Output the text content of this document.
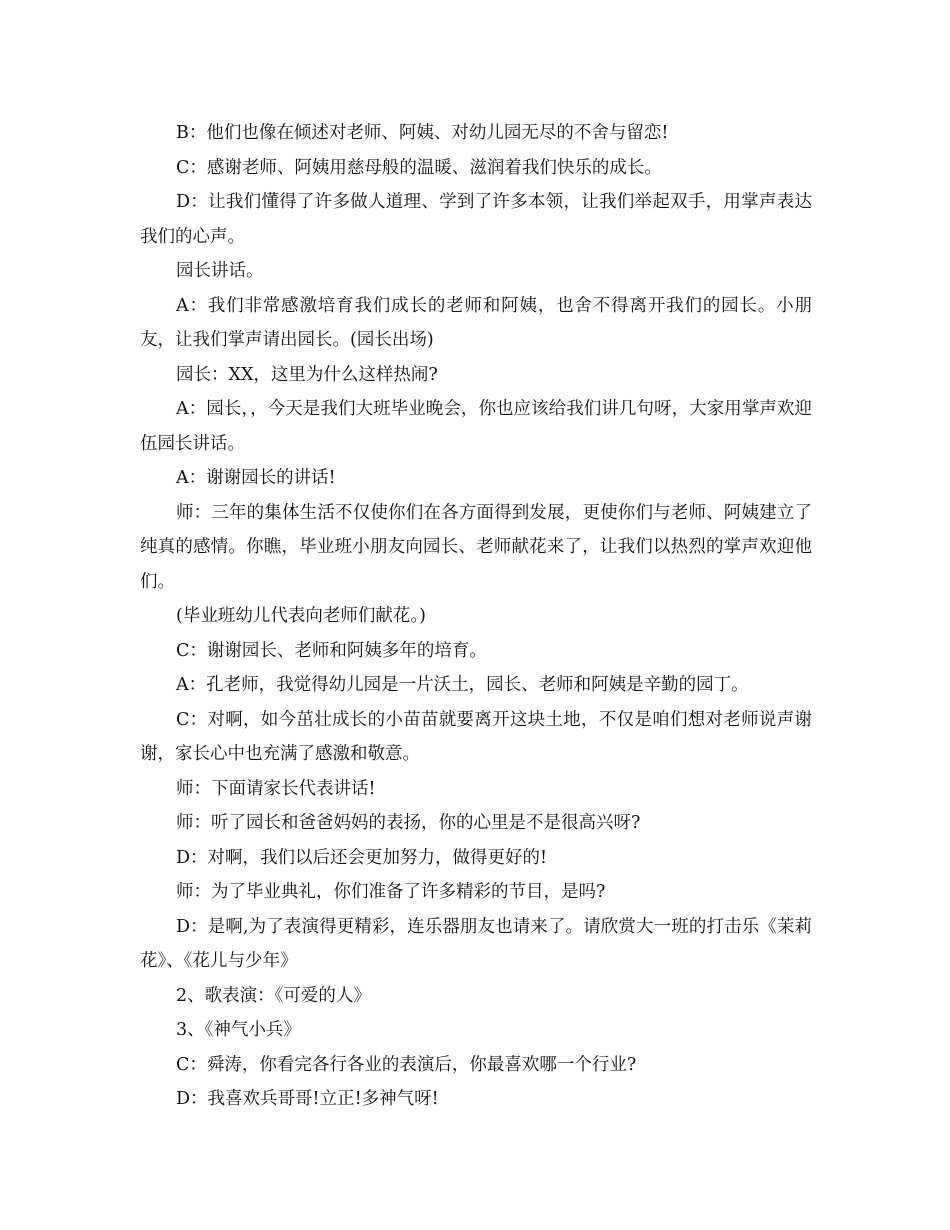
B：他们也像在倾述对老师、阿姨、对幼儿园无尽的不舍与留恋!

C：感谢老师、阿姨用慈母般的温暖、滋润着我们快乐的成长。

D：让我们懂得了许多做人道理、学到了许多本领，让我们举起双手，用掌声表达我们的心声。

园长讲话。

A：我们非常感激培育我们成长的老师和阿姨，也舍不得离开我们的园长。小朋友，让我们掌声请出园长。(园长出场)

园长：XX，这里为什么这样热闹?

A：园长，，今天是我们大班毕业晚会，你也应该给我们讲几句呀，大家用掌声欢迎伍园长讲话。

A：谢谢园长的讲话!

师：三年的集体生活不仅使你们在各方面得到发展，更使你们与老师、阿姨建立了纯真的感情。你瞧，毕业班小朋友向园长、老师献花来了，让我们以热烈的掌声欢迎他们。

(毕业班幼儿代表向老师们献花。)

C：谢谢园长、老师和阿姨多年的培育。

A：孔老师，我觉得幼儿园是一片沃土，园长、老师和阿姨是辛勤的园丁。

C：对啊，如今茁壮成长的小苗苗就要离开这块土地，不仅是咱们想对老师说声谢谢，家长心中也充满了感激和敬意。

师：下面请家长代表讲话!

师：听了园长和爸爸妈妈的表扬，你的心里是不是很高兴呀?

D：对啊，我们以后还会更加努力，做得更好的!

师：为了毕业典礼，你们准备了许多精彩的节目，是吗?

D：是啊,为了表演得更精彩，连乐器朋友也请来了。请欣赏大一班的打击乐《茉莉花》、《花儿与少年》

2、歌表演：《可爱的人》

3、《神气小兵》

C：舜涛，你看完各行各业的表演后，你最喜欢哪一个行业?

D：我喜欢兵哥哥!立正!多神气呀!
